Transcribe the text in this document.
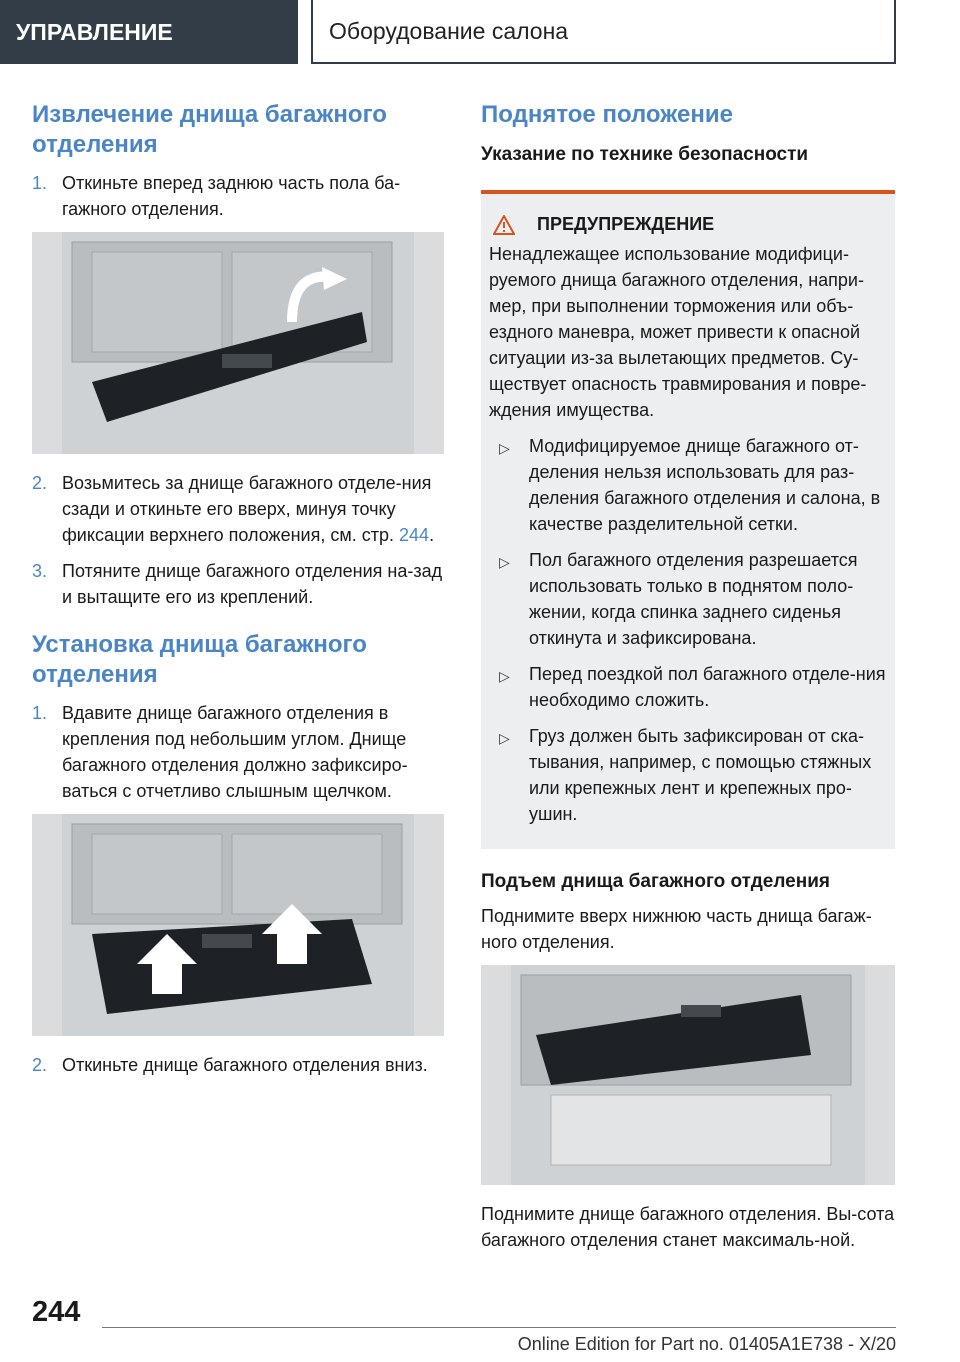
УПРАВЛЕНИЕ	Оборудование салона
Извлечение днища багажного отделения
1. Откиньте вперед заднюю часть пола ба-гажного отделения.
2. Возьмитесь за днище багажного отделе-ния сзади и откиньте его вверх, минуя точку фиксации верхнего положения, см. стр. 244.
3. Потяните днище багажного отделения на-зад и вытащите его из креплений.
Установка днища багажного отделения
1. Вдавите днище багажного отделения в крепления под небольшим углом. Днище багажного отделения должно зафиксиро-ваться с отчетливо слышным щелчком.
2. Откиньте днище багажного отделения вниз.
Поднятое положение
Указание по технике безопасности
ПРЕДУПРЕЖДЕНИЕ
Ненадлежащее использование модифици-руемого днища багажного отделения, напри-мер, при выполнении торможения или объ-ездного маневра, может привести к опасной ситуации из-за вылетающих предметов. Су-ществует опасность травмирования и повре-ждения имущества.
▷ Модифицируемое днище багажного от-деления нельзя использовать для раз-деления багажного отделения и салона, в качестве разделительной сетки.
▷ Пол багажного отделения разрешается использовать только в поднятом поло-жении, когда спинка заднего сиденья откинута и зафиксирована.
▷ Перед поездкой пол багажного отделе-ния необходимо сложить.
▷ Груз должен быть зафиксирован от ска-тывания, например, с помощью стяжных или крепежных лент и крепежных про-ушин.
Подъем днища багажного отделения

Поднимите вверх нижнюю часть днища багаж-ного отделения.

Поднимите днище багажного отделения. Вы-сота багажного отделения станет максималь-ной.

244
Online Edition for Part no. 01405A1E738 - X/20
